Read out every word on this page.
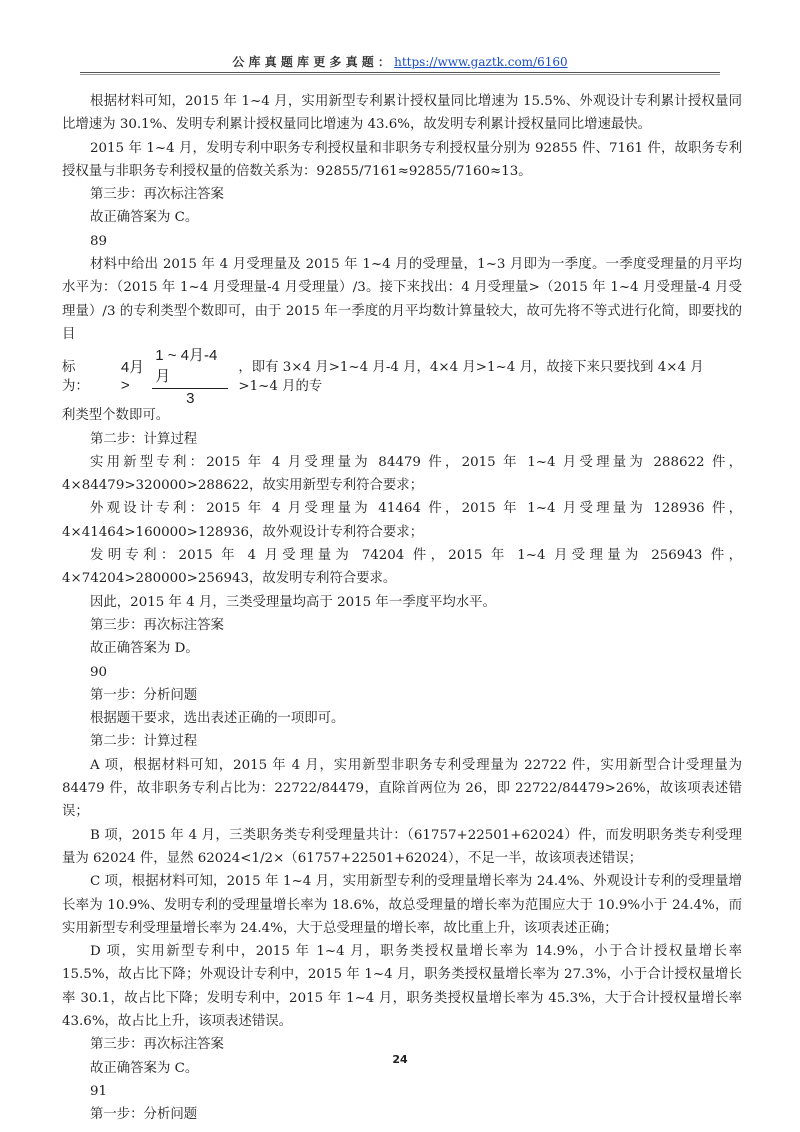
公 库 真 题 库 更 多 真 题 ： https://www.gaztk.com/6160

根据材料可知，2015 年 1~4 月，实用新型专利累计授权量同比增速为 15.5%、外观设计专利累计授权量同比增速为 30.1%、发明专利累计授权量同比增速为 43.6%，故发明专利累计授权量同比增速最快。

2015 年 1~4 月，发明专利中职务专利授权量和非职务专利授权量分别为 92855 件、7161 件，故职务专利授权量与非职务专利授权量的倍数关系为：92855/7161≈92855/7160≈13。

第三步：再次标注答案

故正确答案为 C。

89

材料中给出 2015 年 4 月受理量及 2015 年 1~4 月的受理量，1~3 月即为一季度。一季度受理量的月平均水平为：（2015 年 1~4 月受理量-4 月受理量）/3。接下来找出：4 月受理量>（2015 年 1~4 月受理量-4 月受理量）/3 的专利类型个数即可，由于 2015 年一季度的月平均数计算量较大，故可先将不等式进行化简，即要找的目

标为：
4月>	$\frac{\text{1 \textasciitilde{} 4月-4月}}{3}$ ，即有 3×4 月>1~4 月-4 月，4×4 月>1~4 月，故接下来只要找到 4×4 月>1~4 月的专

利类型个数即可。

第二步：计算过程

实用新型专利：2015 年 4 月受理量为 84479 件，2015 年 1~4 月受理量为 288622 件，4×84479>320000>288622，故实用新型专利符合要求；

外观设计专利：2015 年 4 月受理量为 41464 件，2015 年 1~4 月受理量为 128936 件，4×41464>160000>128936，故外观设计专利符合要求；

发明专利：2015 年 4 月受理量为 74204 件，2015 年 1~4 月受理量为 256943 件，4×74204>280000>256943，故发明专利符合要求。

因此，2015 年 4 月，三类受理量均高于 2015 年一季度平均水平。

第三步：再次标注答案

故正确答案为 D。

90

第一步：分析问题

根据题干要求，选出表述正确的一项即可。

第二步：计算过程

A 项，根据材料可知，2015 年 4 月，实用新型非职务专利受理量为 22722 件，实用新型合计受理量为 84479 件，故非职务专利占比为：22722/84479，直除首两位为 26，即 22722/84479>26%，故该项表述错误；

B 项，2015 年 4 月，三类职务类专利受理量共计：（61757+22501+62024）件，而发明职务类专利受理量为 62024 件，显然 62024<1/2×（61757+22501+62024），不足一半，故该项表述错误；

C 项，根据材料可知，2015 年 1~4 月，实用新型专利的受理量增长率为 24.4%、外观设计专利的受理量增长率为 10.9%、发明专利的受理量增长率为 18.6%，故总受理量的增长率为范围应大于 10.9%小于 24.4%，而实用新型专利受理量增长率为 24.4%，大于总受理量的增长率，故比重上升，该项表述正确；

D 项，实用新型专利中，2015 年 1~4 月，职务类授权量增长率为 14.9%，小于合计授权量增长率 15.5%，故占比下降；外观设计专利中，2015 年 1~4 月，职务类授权量增长率为 27.3%，小于合计授权量增长率 30.1，故占比下降；发明专利中，2015 年 1~4 月，职务类授权量增长率为 45.3%，大于合计授权量增长率 43.6%，故占比上升，该项表述错误。

第三步：再次标注答案

故正确答案为 C。

91

第一步：分析问题

24
